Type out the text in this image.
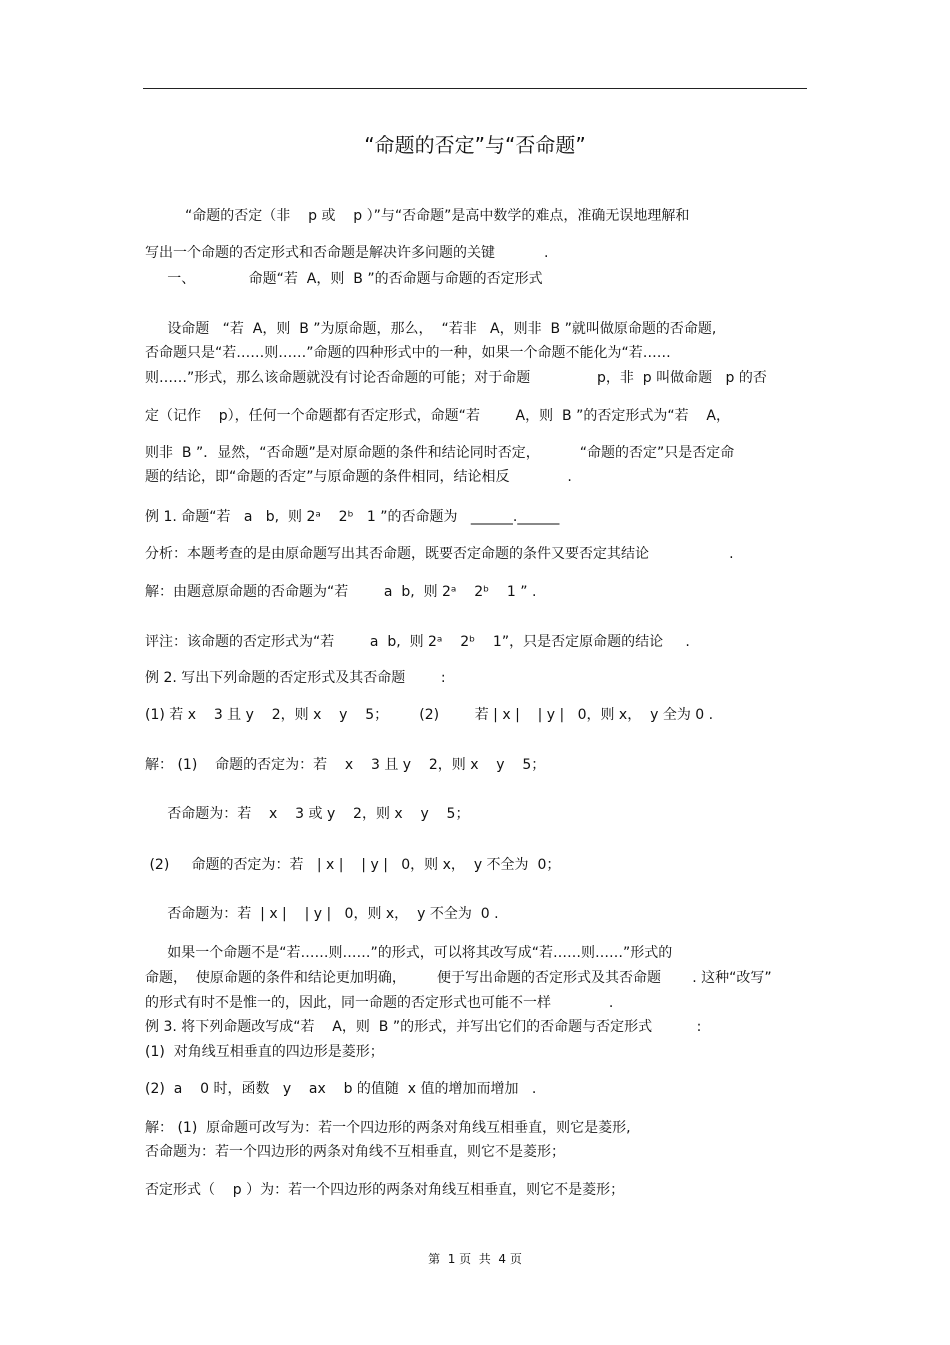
“命题的否定”与“否命题”
“命题的否定（非    p 或    p ）”与“否命题”是高中数学的难点，准确无误地理解和
写出一个命题的否定形式和否命题是解决许多问题的关键           .
一、            命题“若  A，则  B ”的否命题与命题的否定形式
设命题   “若  A，则  B ”为原命题，那么，  “若非   A，则非  B ”就叫做原命题的否命题,
否命题只是“若……则……”命题的四种形式中的一种，如果一个命题不能化为“若……
则……”形式，那么该命题就没有讨论否命题的可能；对于命题               p，非  p 叫做命题   p 的否
定（记作    p），任何一个命题都有否定形式，命题“若        A，则  B ”的否定形式为“若    A，
则非  B ”．显然，“否命题”是对原命题的条件和结论同时否定，         “命题的否定”只是否定命
题的结论，即“命题的否定”与原命题的条件相同，结论相反             .
例 1. 命题“若   a   b,  则 2ᵃ    2ᵇ   1 ”的否命题为   ______.______
分析：本题考查的是由原命题写出其否命题，既要否定命题的条件又要否定其结论                  .
解：由题意原命题的否命题为“若        a  b,  则 2ᵃ    2ᵇ    1 ” .
评注：该命题的否定形式为“若        a  b,  则 2ᵃ    2ᵇ    1”，只是否定原命题的结论     .
例 2. 写出下列命题的否定形式及其否命题        :
(1) 若 x    3 且 y    2，则 x    y    5；       (2)        若 | x |    | y |   0，则 x，  y 全为 0 .
解： (1)    命题的否定为：若    x    3 且 y    2，则 x    y    5；
否命题为：若    x    3 或 y    2，则 x    y    5；
(2)     命题的否定为：若   | x |    | y |   0，则 x，  y 不全为  0；
否命题为：若  | x |    | y |   0，则 x，  y 不全为  0 .
如果一个命题不是“若……则……”的形式，可以将其改写成“若……则……”形式的
命题，  使原命题的条件和结论更加明确，       便于写出命题的否定形式及其否命题       . 这种“改写”
的形式有时不是惟一的，因此，同一命题的否定形式也可能不一样             .
例 3. 将下列命题改写成“若    A，则  B ”的形式，并写出它们的否命题与否定形式          :
(1)  对角线互相垂直的四边形是菱形；
(2)  a    0 时，函数   y    ax    b 的值随  x 值的增加而增加   .
解： (1)  原命题可改写为：若一个四边形的两条对角线互相垂直，则它是菱形,
否命题为：若一个四边形的两条对角线不互相垂直，则它不是菱形；
否定形式（    p ）为：若一个四边形的两条对角线互相垂直，则它不是菱形；
第  1 页  共  4 页
